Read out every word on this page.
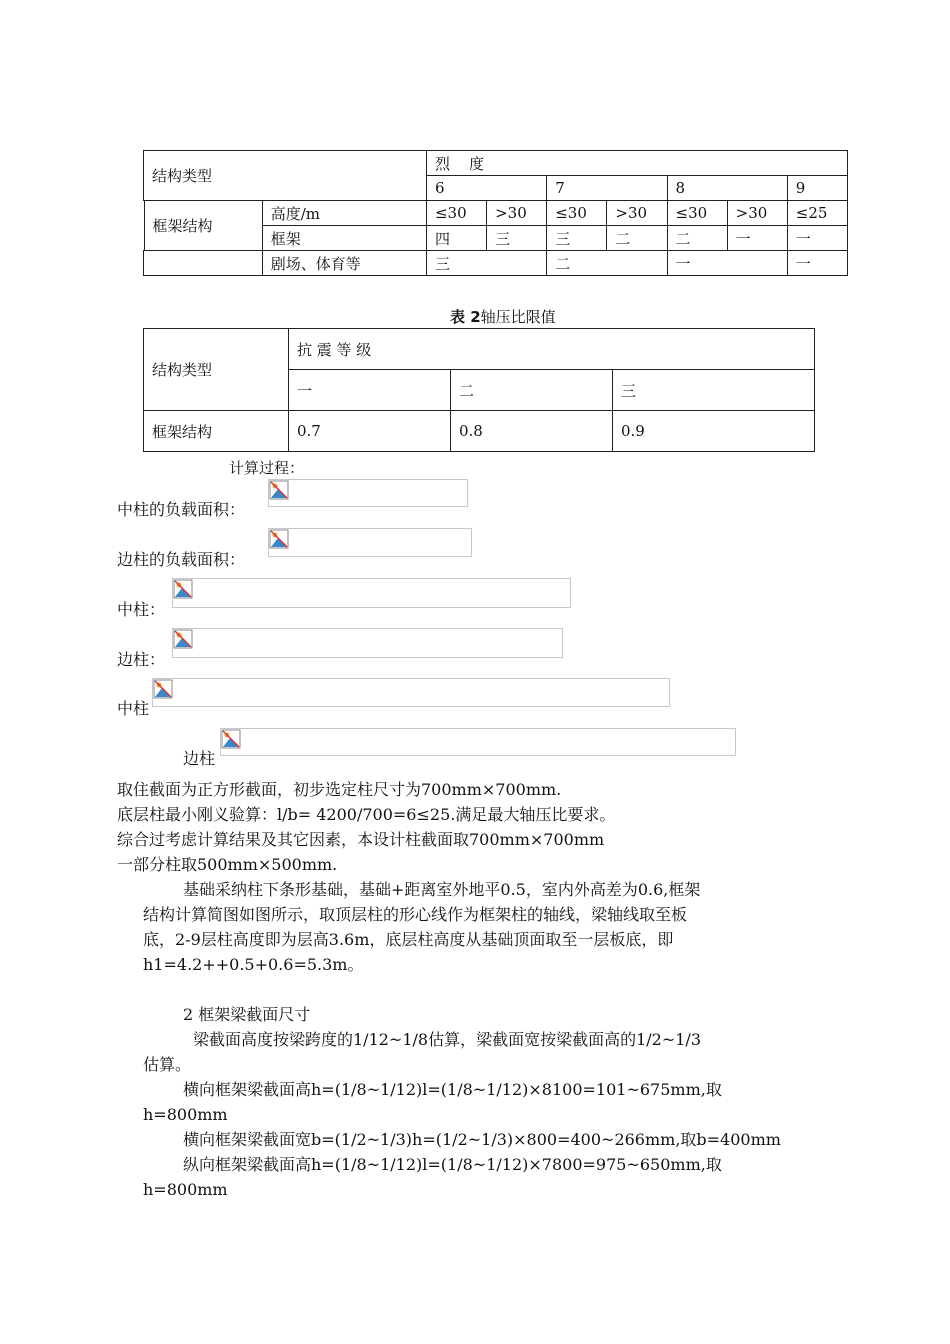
结构类型		烈    度						
		6		7		8		9
	框架结构	高度/m	≤30	>30	≤30	>30	≤30	>30	≤25
	框架	四	三	三	二	二	一	一
	剧场、体育等	三		二		一		一
表 2轴压比限值
结构类型	抗 震 等 级		
	一	二	三
框架结构	0.7	0.8	0.9
计算过程：
中柱的负载面积：
边柱的负载面积：
中柱：
边柱：
中柱
边柱
取住截面为正方形截面，初步选定柱尺寸为700mm×700mm.
底层柱最小刚义验算：l/b= 4200/700=6≤25.满足最大轴压比要求。
综合过考虑计算结果及其它因素，本设计柱截面取700mm×700mm
一部分柱取500mm×500mm.
基础采纳柱下条形基础，基础+距离室外地平0.5，室内外高差为0.6,框架
结构计算简图如图所示，取顶层柱的形心线作为框架柱的轴线，梁轴线取至板
底，2-9层柱高度即为层高3.6m，底层柱高度从基础顶面取至一层板底，即
h1=4.2++0.5+0.6=5.3m。
2 框架梁截面尺寸
梁截面高度按梁跨度的1/12~1/8估算，梁截面宽按梁截面高的1/2~1/3
估算。
横向框架梁截面高h=(1/8~1/12)l=(1/8~1/12)×8100=101~675mm,取
h=800mm
横向框架梁截面宽b=(1/2~1/3)h=(1/2~1/3)×800=400~266mm,取b=400mm
纵向框架梁截面高h=(1/8~1/12)l=(1/8~1/12)×7800=975~650mm,取
h=800mm
